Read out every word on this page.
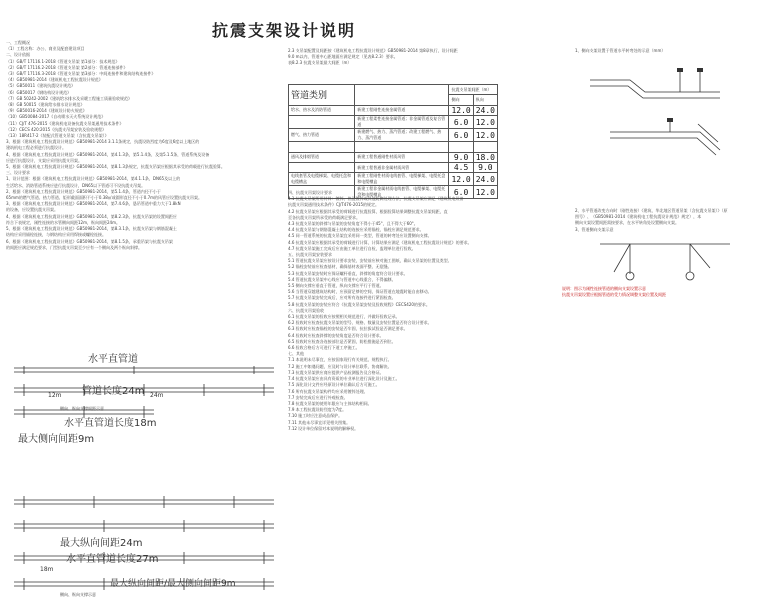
抗震支架设计说明
一、工程概况
（1）工程名称：办公、商业及配套建设项目
二、设计依据
（1）GB/T 17116.1-2018《管道支吊架 第1部分：技术规范》
（2）GB/T 17116.2-2018《管道支吊架 第2部分：管道连接部件》
（3）GB/T 17116.3-2018《管道支吊架 第3部分：中间连接件和建筑结构连接件》
（4）GB50981-2014《建筑机电工程抗震设计规范》
（5）GB50011《建筑抗震设计规范》
（6）GB50017《钢结构设计规范》
（7）GB 50242-2002《建筑给水排水及采暖工程施工质量验收规范》
（8）GB 50015《建筑给水排水设计规范》
（9）GB50016-2014《建筑设计防火规范》
（10）GB50084-2017《自动喷水灭火系统设计规范》
（11）CJ/T 476-2015《建筑机电设备抗震支吊架通用技术条件》
（12）CECS 420:2015《抗震支吊架安装及验收规程》
（13）18R417-2《装配式管道支吊架（含抗震支吊架）》
3、根据《建筑机电工程抗震设计规范》GB50981-2014 3.1.1条规定，抗震设防烈度为6度及6度以上地区的
建筑机电工程必须进行抗震设计。
4、根据《建筑机电工程抗震设计规范》GB50981-2014，第4.1.3条，第5.1.4条，及第5.1.5条，管道系统及设备
应进行抗震设计，支架应采用抗震支吊架。
5、根据《建筑机电工程抗震设计规范》GB50981-2014，第8.1.3条规定，抗震支吊架应根据其承受的荷载进行抗震验算。
三、设计要求
1、设计范围：根据《建筑机电工程抗震设计规范》GB50981-2014，第4.1.1条，DN65及以上的
生活给水、消防管道系统应进行抗震设计，DN65以下管道可不设抗震支吊架。
2、根据《建筑机电工程抗震设计规范》GB50981-2014，第5.1.4条，管道内径不小于
65mm的燃气管道、热力管道、矩形截面面积不小于0.38㎡或圆形直径不小于0.7m的风管应设置抗震支吊架。
3、根据《建筑机电工程抗震设计规范》GB50981-2014，第7.4.6条，悬吊管道中重力大于1.8kN
的设备，应设置抗震支吊架。
4、根据《建筑机电工程抗震设计规范》GB50981-2014，第8.2.3条，抗震支吊架的设置间距应
符合下表规定，刚性连接的水管侧向间距12m，纵向间距24m。
5、根据《建筑机电工程抗震设计规范》GB50981-2014，第8.3.1条，抗震支吊架与钢筋混凝土
结构应采用锚栓连接，与钢结构应采用焊接或螺栓连接。
6、根据《建筑机电工程抗震设计规范》GB50981-2014，第8.1.5条，承重吊架与抗震支吊架
的间距应满足规范要求，门型抗震支吊架至少应有一个侧向及两个纵向斜撑。
2.3 支吊架配置及间距按《建筑机电工程抗震设计规范》GB50981-2014 第8章执行，设计间距
9.0 m以内，管道中心距地面应满足规定（见表8.2.3）要求。
表8.2.3 抗震支吊架最大间距（m）
管道类别		抗震支吊架间距（m）	
		侧向	纵向
给水、热水及消防管道	新建工程刚性连接金属管道	12.0	24.0
	新建工程柔性连接金属管道；非金属管道及复合管道	6.0	12.0
燃气、热力管道	新建燃气、热力、蒸汽管道；改建工程燃气、热力、蒸汽管道	6.0	12.0

通风及排烟管道	新建工程普通刚性材质风管	9.0	18.0
	新建工程普通非金属材质风管	4.5	9.0
电线套管及电缆梯架、电缆托盘和电缆槽盒	新建工程刚性材质电线套管、电缆梯架、电缆托盘和电缆槽盒	12.0	24.0
	新建工程非金属材质电线套管、电缆梯架、电缆托盘和电缆槽盒	6.0	12.0
四、抗震支吊架设计要求
4.1 抗震支吊架所用材料：镀锌、热浸镀锌或其他防腐处理方法，抗震支吊架应满足《建筑机电设备
抗震支吊架通用技术条件》CJ/T476-2015的规定。
4.2 抗震支吊架应根据其承受的荷载进行抗震验算，根据验算结果调整抗震支吊架间距，直
至各抗震支吊架所承受的荷载满足要求。
4.3 抗震支吊架的斜撑与吊架的安装角度不得小于45°，且不得大于60°。
4.4 抗震支吊架与钢筋混凝土结构的连接应采用锚栓，锚栓应满足规范要求。
4.5 同一管道系统的抗震支吊架宜采用同一类型，管道的转弯处应设置侧向支撑。
4.6 抗震支吊架应根据其承受的荷载进行计算，计算结果应满足《建筑机电工程抗震设计规范》的要求。
4.7 抗震支吊架施工完成后应由施工单位进行自检，监理单位进行验收。
五、抗震支吊架安装要求
5.1 管道抗震支吊架应按设计要求安装，安装前应核对施工图纸，确认支吊架的位置及类型。
5.2 锚栓安装前应检查基材，确保基材表面平整、无裂缝。
5.3 抗震支吊架安装时应保证螺杆垂直，斜撑的角度符合设计要求。
5.4 管道抗震支吊架中心线应与管道中心线重合，不得偏移。
5.5 侧向支撑应垂直于管道，纵向支撑应平行于管道。
5.6 当管道穿越建筑结构时，应预留足够的空间，保证管道在地震时能自由移动。
5.7 抗震支吊架安装完成后，应对所有连接件进行紧固检查。
5.8 抗震支吊架的安装应符合《抗震支吊架安装及验收规程》CECS420的要求。
六、抗震支吊架验收
6.1 抗震支吊架的验收应按照相关规范进行，并做好验收记录。
6.2 验收时应检查抗震支吊架的型号、规格、数量及安装位置是否符合设计要求。
6.3 验收时应检查锚栓的安装是否牢固，抗拉拔试验是否满足要求。
6.4 验收时应检查斜撑的安装角度是否符合设计要求。
6.5 验收时应检查各连接部位是否紧固，防松措施是否到位。
6.6 验收合格后方可进行下道工序施工。
七、其他
7.1 本说明未尽事宜，应按国家现行有关规范、规程执行。
7.2 施工中如遇问题，应及时与设计单位联系，协商解决。
7.3 抗震支吊架供应商应提供产品检测报告及合格证。
7.4 抗震支吊架应由具有资质的专业单位进行深化设计及施工。
7.5 深化设计文件应经原设计单位确认后方可施工。
7.6 所有抗震支吊架构件均应采用镀锌处理。
7.7 安装完成后应进行外观检查。
7.8 抗震支吊架的使用年限应与主体结构相同。
7.9 本工程抗震设防烈度为7度。
7.10 施工时应注意成品保护。
7.11 其他未尽事宜详见相关图集。
7.12 设计单位保留对本说明的解释权。
1、侧向支架设置于管道水平转弯处的示意（mm）
2、水平管道改变方向时（刚性连接）《建筑、华北地区管道吊架（含抗震支吊架）》（原
图号）、（GB50981-2014《建筑机电工程抗震设计规范》规定），本
侧向支架设置间距需按要求，在水平转角处设置侧向支架。
3、管道侧向支架示意
说明：图示为刚性连接管道的侧向支架设置示意
抗震支吊架设置应根据管道的受力情况调整支架位置及间距
水平直管道
管道长度24m
12m	24m
侧向、纵向支撑间距示意
水平直管道长度18m
最大侧向间距9m
最大纵向间距24m
水平直管道长度27m
18m
最大纵向间距/最大侧向间距9m
侧向、纵向支撑示意
